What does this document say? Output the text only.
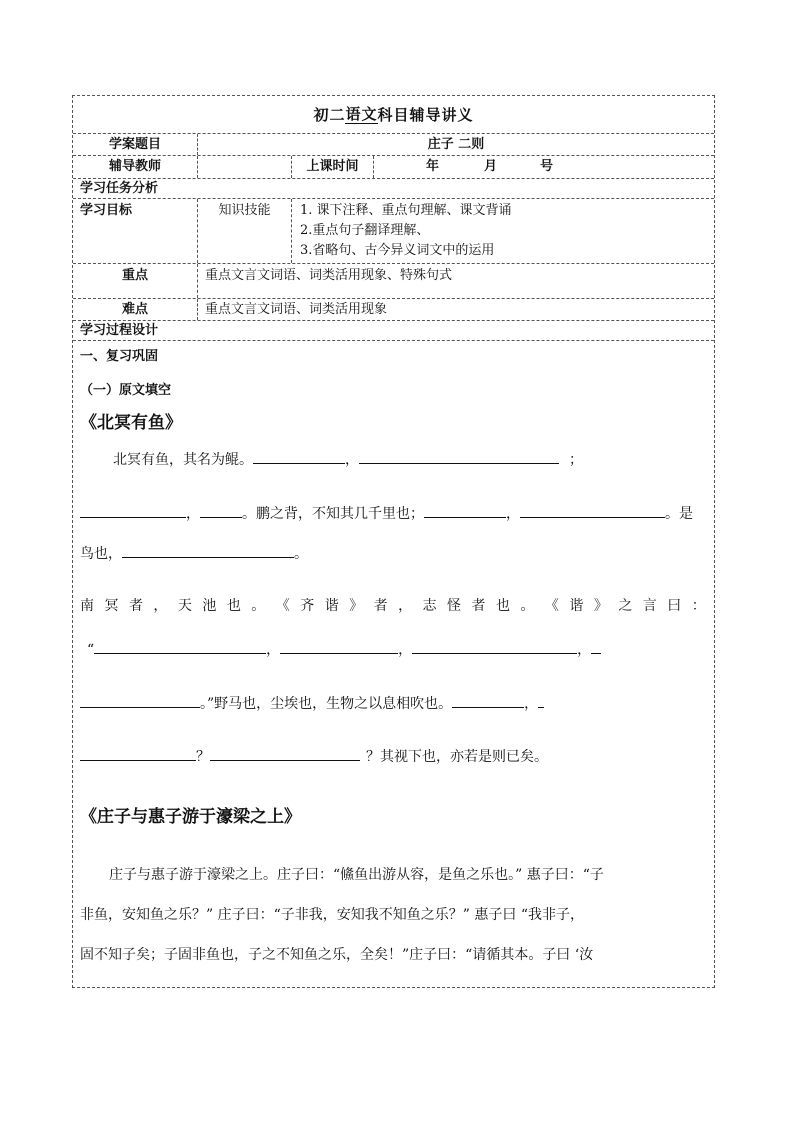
初二 语文 科目辅导讲义
学案题目	庄子 二则
辅导教师	上课时间	年	月	号
学习任务分析
学习目标	知识技能	1. 课下注释、重点句理解、课文背诵
2.重点句子翻译理解、
3.省略句、古今异义词文中的运用
重点	重点文言文词语、词类活用现象、特殊句式
难点	重点文言文词语、词类活用现象
学习过程设计
一、复习巩固
（一）原文填空
《北冥有鱼》
北冥有鱼，其名为鲲。	，	；
，	。鹏之背，不知其几千里也；	，	。是
鸟也，	。
南 冥 者 ， 天 池 也 。 《 齐 谐 》 者 ， 志 怪 者 也 。 《 谐 》 之 言 曰 ：
“	，	，	，
。”野马也，尘埃也，生物之以息相吹也。	，
？	？其视下也，亦若是则已矣。
《庄子与惠子游于濠梁之上》
庄子与惠子游于濠梁之上。庄子曰：“鯈鱼出游从容，是鱼之乐也。” 惠子曰：“子
非鱼，安知鱼之乐？” 庄子曰：“子非我，安知我不知鱼之乐？” 惠子曰 “我非子，
固不知子矣；子固非鱼也，子之不知鱼之乐，全矣！”庄子曰：“请循其本。子曰 ‘汝
